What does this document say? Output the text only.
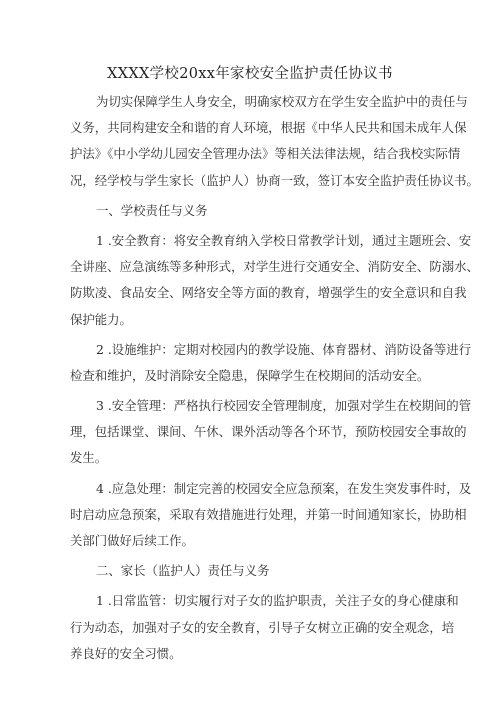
XXXX学校20xx年家校安全监护责任协议书
为切实保障学生人身安全，明确家校双方在学生安全监护中的责任与
义务，共同构建安全和谐的育人环境，根据《中华人民共和国未成年人保
护法》《中小学幼儿园安全管理办法》等相关法律法规，结合我校实际情
况，经学校与学生家长（监护人）协商一致，签订本安全监护责任协议书。
一、学校责任与义务
1 .安全教育：将安全教育纳入学校日常教学计划，通过主题班会、安
全讲座、应急演练等多种形式，对学生进行交通安全、消防安全、防溺水、
防欺凌、食品安全、网络安全等方面的教育，增强学生的安全意识和自我
保护能力。
2 .设施维护：定期对校园内的教学设施、体育器材、消防设备等进行
检查和维护，及时消除安全隐患，保障学生在校期间的活动安全。
3 .安全管理：严格执行校园安全管理制度，加强对学生在校期间的管
理，包括课堂、课间、午休、课外活动等各个环节，预防校园安全事故的
发生。
4 .应急处理：制定完善的校园安全应急预案，在发生突发事件时，及
时启动应急预案，采取有效措施进行处理，并第一时间通知家长，协助相
关部门做好后续工作。
二、家长（监护人）责任与义务
1 .日常监管：切实履行对子女的监护职责，关注子女的身心健康和
行为动态，加强对子女的安全教育，引导子女树立正确的安全观念，培
养良好的安全习惯。
